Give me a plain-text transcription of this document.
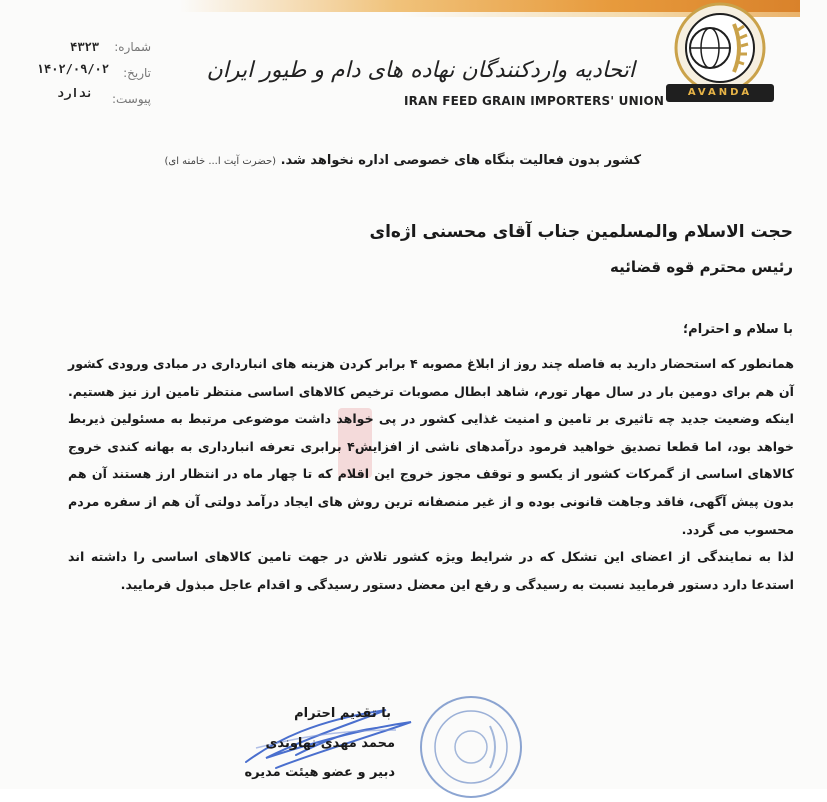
AVANDA
اتحادیه واردکنندگان نهاده های دام و طیور ایران
IRAN FEED GRAIN IMPORTERS' UNION
شماره:
۴۳۲۳
تاریخ:
۱۴۰۲/۰۹/۰۲
پیوست:
ندارد
کشور بدون فعالیت بنگاه های خصوصی اداره نخواهد شد. (حضرت آیت ا... خامنه ای)
حجت الاسلام والمسلمین جناب آقای محسنی اژه‌ای
رئیس محترم قوه قضائیه
با سلام و احترام؛

همانطور که استحضار دارید به فاصله چند روز از ابلاغ مصوبه ۴ برابر کردن هزینه های انبارداری در مبادی ورودی کشور آن هم برای دومین بار در سال مهار تورم، شاهد ابطال مصوبات ترخیص کالاهای اساسی منتظر تامین ارز نیز هستیم. اینکه وضعیت جدید چه تاثیری بر تامین و امنیت غذایی کشور در پی خواهد داشت موضوعی مرتبط به مسئولین ذیربط خواهد بود، اما قطعا تصدیق خواهید فرمود درآمدهای ناشی از افزایش۴ برابری تعرفه انبارداری به بهانه کندی خروج کالاهای اساسی از گمرکات کشور از یکسو و توقف مجوز خروج این اقلام که تا چهار ماه در انتظار ارز هستند آن هم بدون پیش آگهی، فاقد وجاهت قانونی بوده و از غیر منصفانه ترین روش های ایجاد درآمد دولتی آن هم از سفره مردم محسوب می گردد.

لذا به نمایندگی از اعضای این تشکل که در شرایط ویژه کشور تلاش در جهت تامین کالاهای اساسی را داشته اند استدعا دارد دستور فرمایید نسبت به رسیدگی و رفع این معضل دستور رسیدگی و اقدام عاجل مبذول فرمایید.

با تقدیم احترام
محمد مهدی نهاوندی
دبیر و عضو هیئت مدیره
